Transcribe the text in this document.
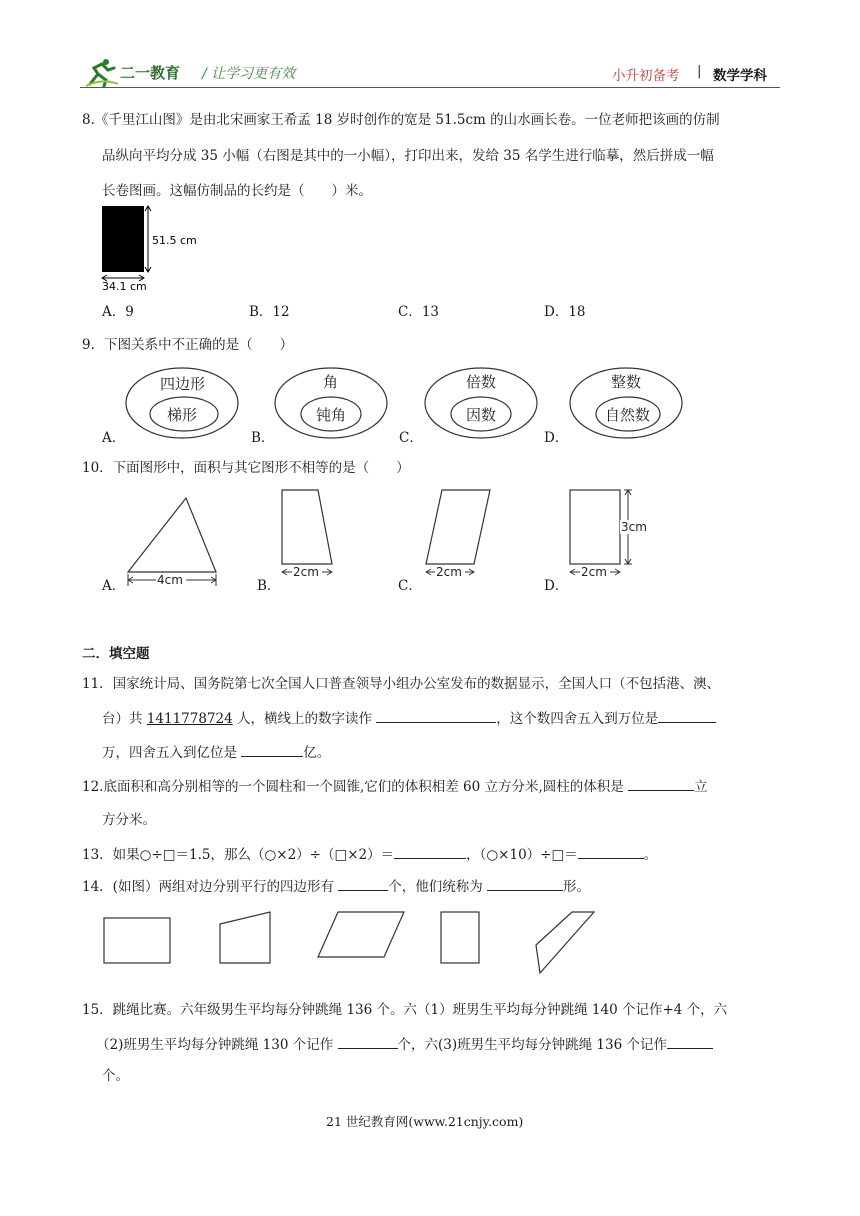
二一教育 / 让学习更有效	小升初备考 | 数学学科
8.《千里江山图》是由北宋画家王希孟 18 岁时创作的宽是 51.5cm 的山水画长卷。一位老师把该画的仿制
品纵向平均分成 35 小幅（右图是其中的一小幅），打印出来，发给 35 名学生进行临摹，然后拼成一幅
长卷图画。这幅仿制品的长约是（　　）米。
51.5 cm
34.1 cm
A．9	B．12	C．13	D．18
9．下图关系中不正确的是（　　）
A．
四边形
梯形
B．
角
钝角
C．
倍数
因数
D．
整数
自然数
10．下面图形中，面积与其它图形不相等的是（　　）
A．	4cm	B．
2cm
C．
2cm
D．
3cm
2cm
二．填空题
11．国家统计局、国务院第七次全国人口普查领导小组办公室发布的数据显示，全国人口（不包括港、澳、
台）共 1411778724 人，横线上的数字读作	，这个数四舍五入到万位是
万，四舍五入到亿位是	亿。
12.底面积和高分别相等的一个圆柱和一个圆锥,它们的体积相差 60 立方分米,圆柱的体积是	立
方分米。
13．如果○÷□＝1.5，那么（○×2）÷（□×2）＝	，（○×10）÷□＝	。
14．(如图）两组对边分别平行的四边形有	个，他们统称为	形。
15．跳绳比赛。六年级男生平均每分钟跳绳 136 个。六（1）班男生平均每分钟跳绳 140 个记作+4 个，六
（2)班男生平均每分钟跳绳 130 个记作	个，六(3)班男生平均每分钟跳绳 136 个记作
个。
21 世纪教育网(www.21cnjy.com)
